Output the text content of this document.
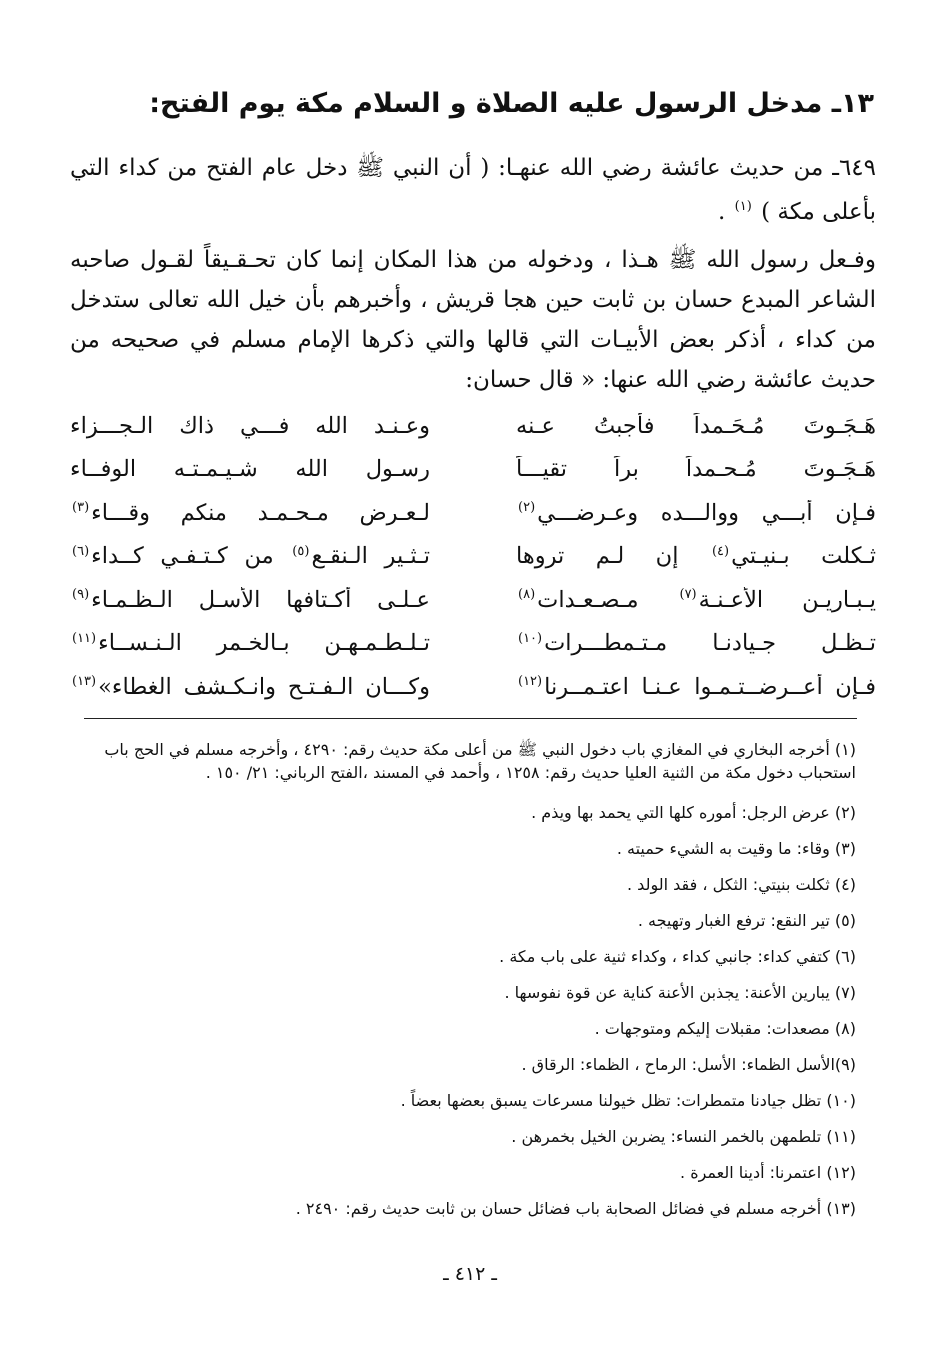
١٣ـ مدخل الرسول عليه الصلاة و السلام مكة يوم الفتح:
٦٤٩ـ من حديث عائشة رضي الله عنهـا: ( أن النبي ﷺ دخل عام الفتح من كداء التي بأعلى مكة ) $^{(١)}$ .
وفـعل رسول الله ﷺ هـذا ، ودخوله من هذا المكان إنما كان تحـقـيقاً لقـول صاحبه الشاعر المبدع حسان بن ثابت حين هجا قريش ، وأخبرهم بأن خيل الله تعالى ستدخل من كداء ، أذكر بعض الأبيـات التي قالها والتي ذكرها الإمام مسلم في صحيحه من حديث عائشة رضي الله عنها: « قال حسان:
هَـجَـوتَ مُـحَـمداً فأجبتُ عـنه
وعـنـد الله فـــي ذاك الـجـــزاء
هَـجَـوتَ مُـحـمداً براً تقيـــاً
رسـول الله شـيـمـتـه الوفــاء
فـإن أبـــي ووالـــده وعـرضـــي$^{(٢)}$
لـعـرض مـحـمـد منكم وقـــاء$^{(٣)}$
ثـكلت بـنيـتي$^{(٤)}$ إن لـم تروها
تـثـير الـنقـع$^{(٥)}$ من كـتـفـي كــداء$^{(٦)}$
يـبـاريـن الأعـنـة$^{(٧)}$ مـصـعـدات$^{(٨)}$
عـلـى أكـتافها الأسـل الـظـمـاء$^{(٩)}$
تـظـل جـيادنـا مـتـمطـــرات$^{(١٠)}$
تـلـطـمـهـن بـالخـمر الـنـســاء$^{(١١)}$
فـإن أعــرضــتـمـوا عـنـا اعتـمــرنا$^{(١٢)}$
وكـــان الـفـتـح وانـكـشف الغطاء»$^{(١٣)}$

(١) أخرجه البخاري في المغازي باب دخول النبي ﷺ من أعلى مكة حديث رقم: ٤٢٩٠ ، وأخرجه مسلم في الحج باب استحباب دخول مكة من الثنية العليا حديث رقم: ١٢٥٨ ، وأحمد في المسند ،الفتح الرباني: ٢١/ ١٥٠ .

(٢) عرض الرجل: أموره كلها التي يحمد بها ويذم .

(٣) وقاء: ما وقيت به الشيء حميته .

(٤) ثكلت بنيتي: الثكل ، فقد الولد .

(٥) تير النقع: ترفع الغبار وتهيجه .

(٦) كتفي كداء: جانبي كداء ، وكداء ثنية على باب مكة .

(٧) يبارين الأعنة: يجذبن الأعنة كناية عن قوة نفوسها .

(٨) مصعدات: مقبلات إليكم ومتوجهات .

(٩)الأسل الظماء: الأسل: الرماح ، الظماء: الرقاق .

(١٠) تظل جيادنا متمطرات: تظل خيولنا مسرعات يسبق بعضها بعضاً .

(١١) تلطمهن بالخمر النساء: يضربن الخيل بخمرهن .

(١٢) اعتمرنا: أدينا العمرة .

(١٣) أخرجه مسلم في فضائل الصحابة باب فضائل حسان بن ثابت حديث رقم: ٢٤٩٠ .

ـ ٤١٢ ـ
